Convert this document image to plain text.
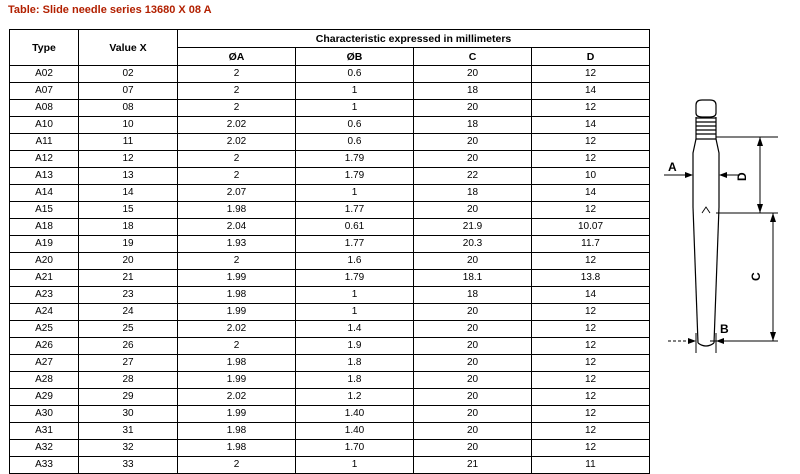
Table: Slide needle series 13680 X 08 A
Type	Value X	Characteristic expressed in millimeters			
		ØA	ØB	C	D
A02	02	2	0.6	20	12
A07	07	2	1	18	14
A08	08	2	1	20	12
A10	10	2.02	0.6	18	14
A11	11	2.02	0.6	20	12
A12	12	2	1.79	20	12
A13	13	2	1.79	22	10
A14	14	2.07	1	18	14
A15	15	1.98	1.77	20	12
A18	18	2.04	0.61	21.9	10.07
A19	19	1.93	1.77	20.3	11.7
A20	20	2	1.6	20	12
A21	21	1.99	1.79	18.1	13.8
A23	23	1.98	1	18	14
A24	24	1.99	1	20	12
A25	25	2.02	1.4	20	12
A26	26	2	1.9	20	12
A27	27	1.98	1.8	20	12
A28	28	1.99	1.8	20	12
A29	29	2.02	1.2	20	12
A30	30	1.99	1.40	20	12
A31	31	1.98	1.40	20	12
A32	32	1.98	1.70	20	12
A33	33	2	1	21	11
A
B
D
C
